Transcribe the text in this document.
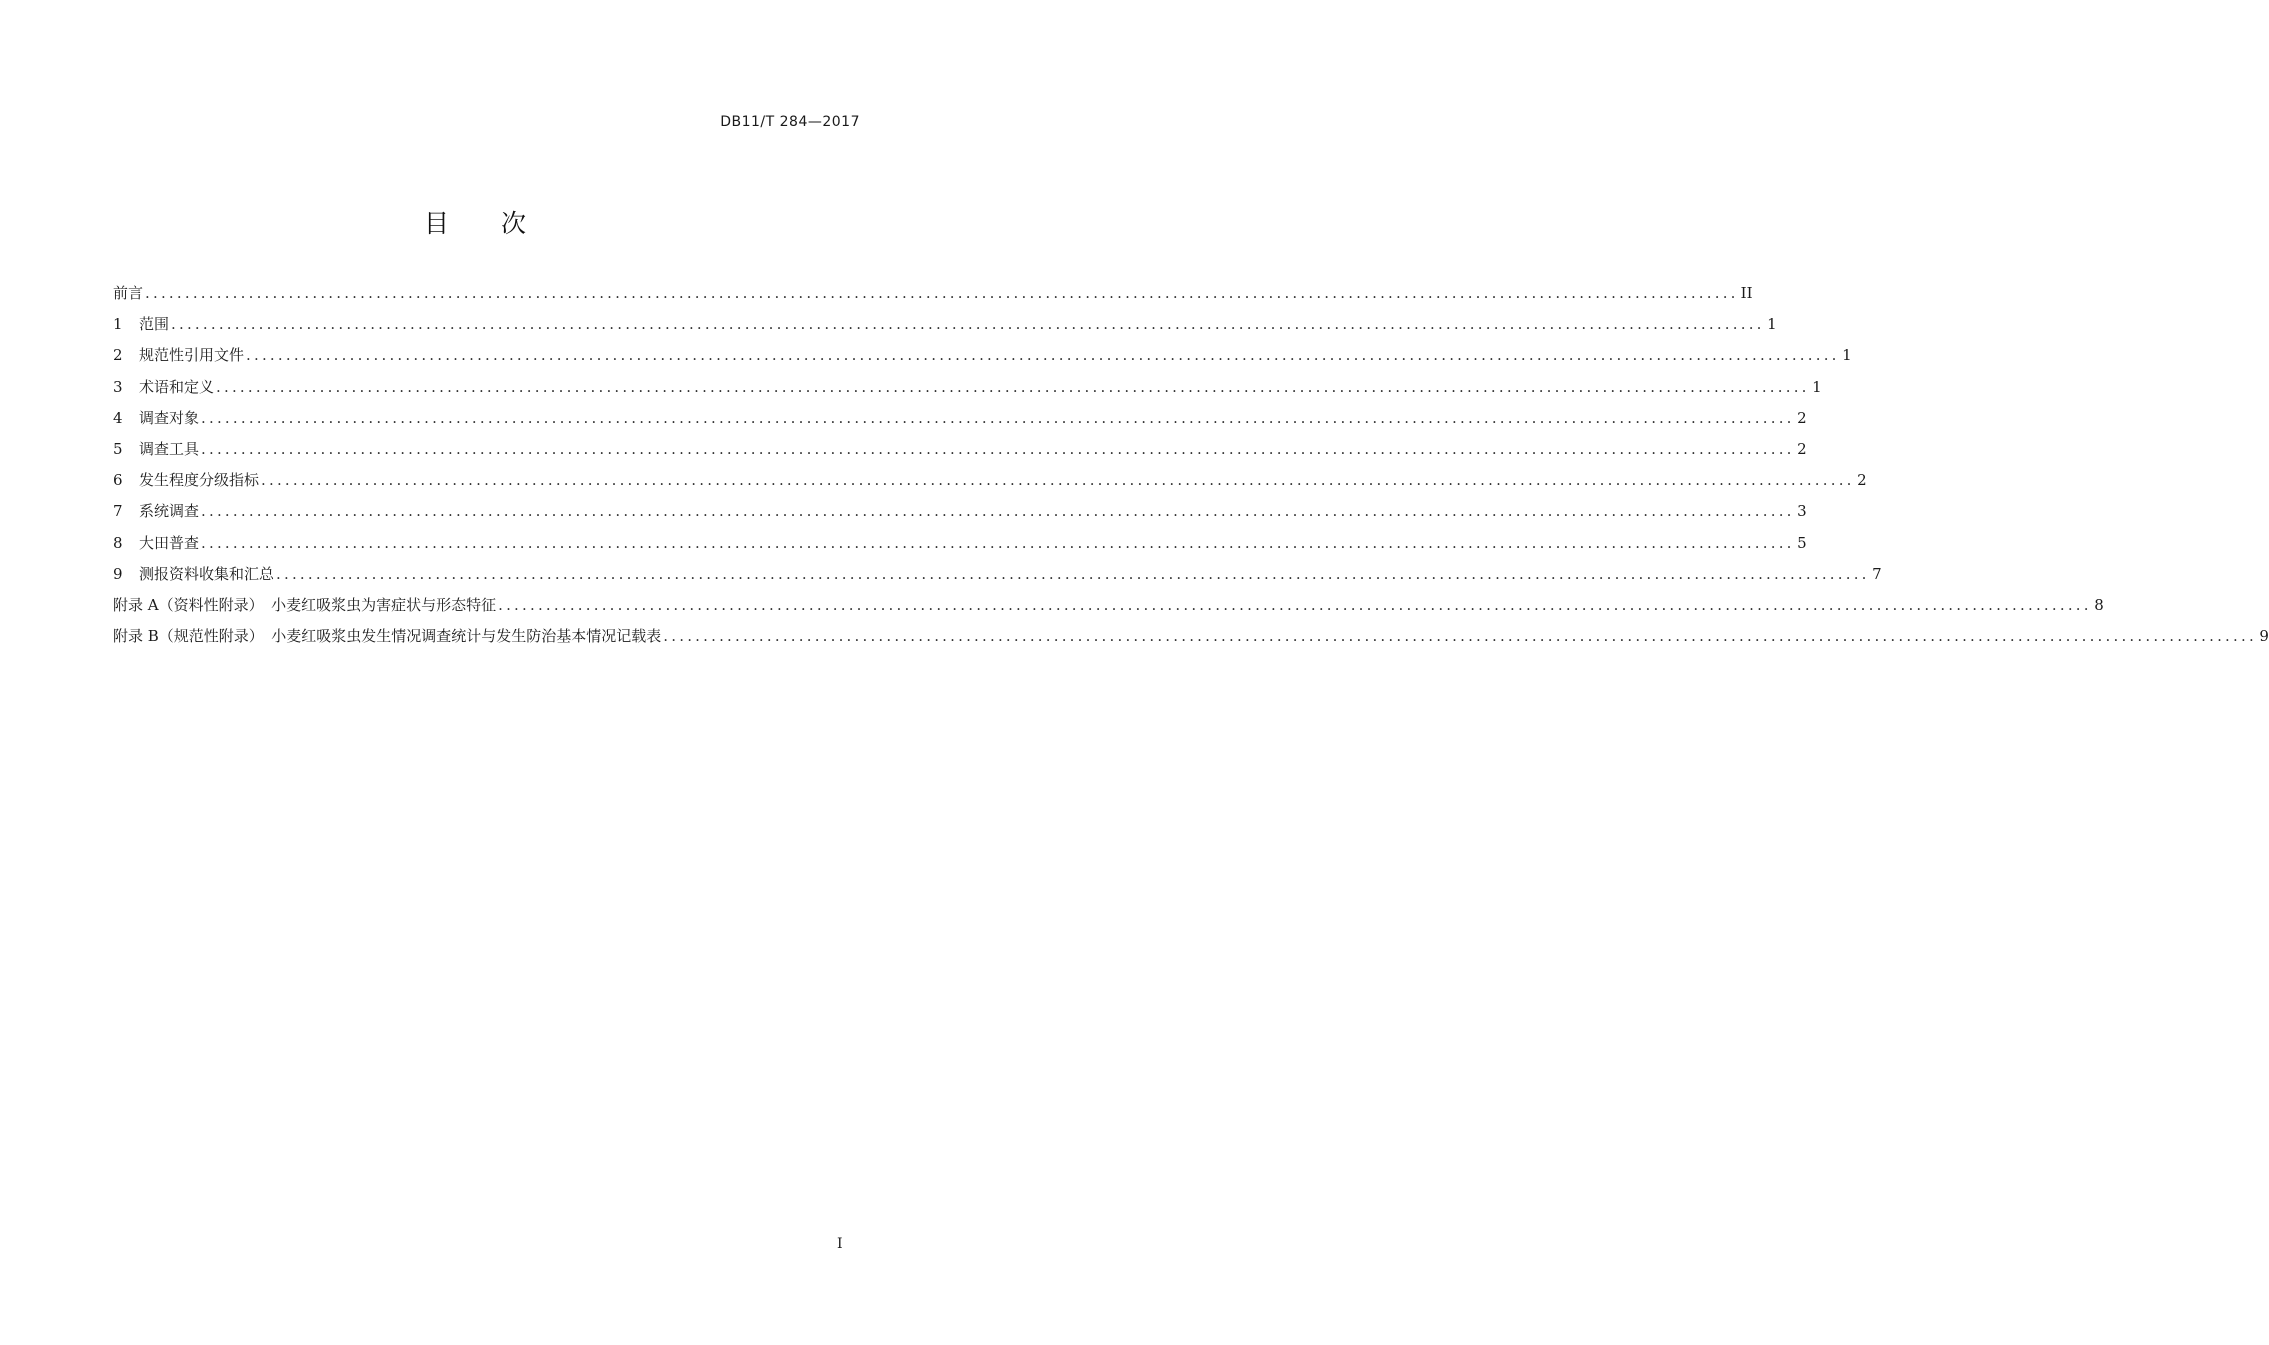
DB11/T 284—2017
目 次
前言 ........................................................................................................................................................................................................ II
1	范围 ........................................................................................................................................................................................................ 1
2	规范性引用文件 ........................................................................................................................................................................................................ 1
3	术语和定义 ........................................................................................................................................................................................................ 1
4	调查对象 ........................................................................................................................................................................................................ 2
5	调查工具 ........................................................................................................................................................................................................ 2
6	发生程度分级指标 ........................................................................................................................................................................................................ 2
7	系统调查 ........................................................................................................................................................................................................ 3
8	大田普查 ........................................................................................................................................................................................................ 5
9	测报资料收集和汇总 ........................................................................................................................................................................................................ 7
附录 A（资料性附录）　小麦红吸浆虫为害症状与形态特征 ........................................................................................................................................................................................................ 8
附录 B（规范性附录）　小麦红吸浆虫发生情况调查统计与发生防治基本情况记载表 ........................................................................................................................................................................................................ 9
I
